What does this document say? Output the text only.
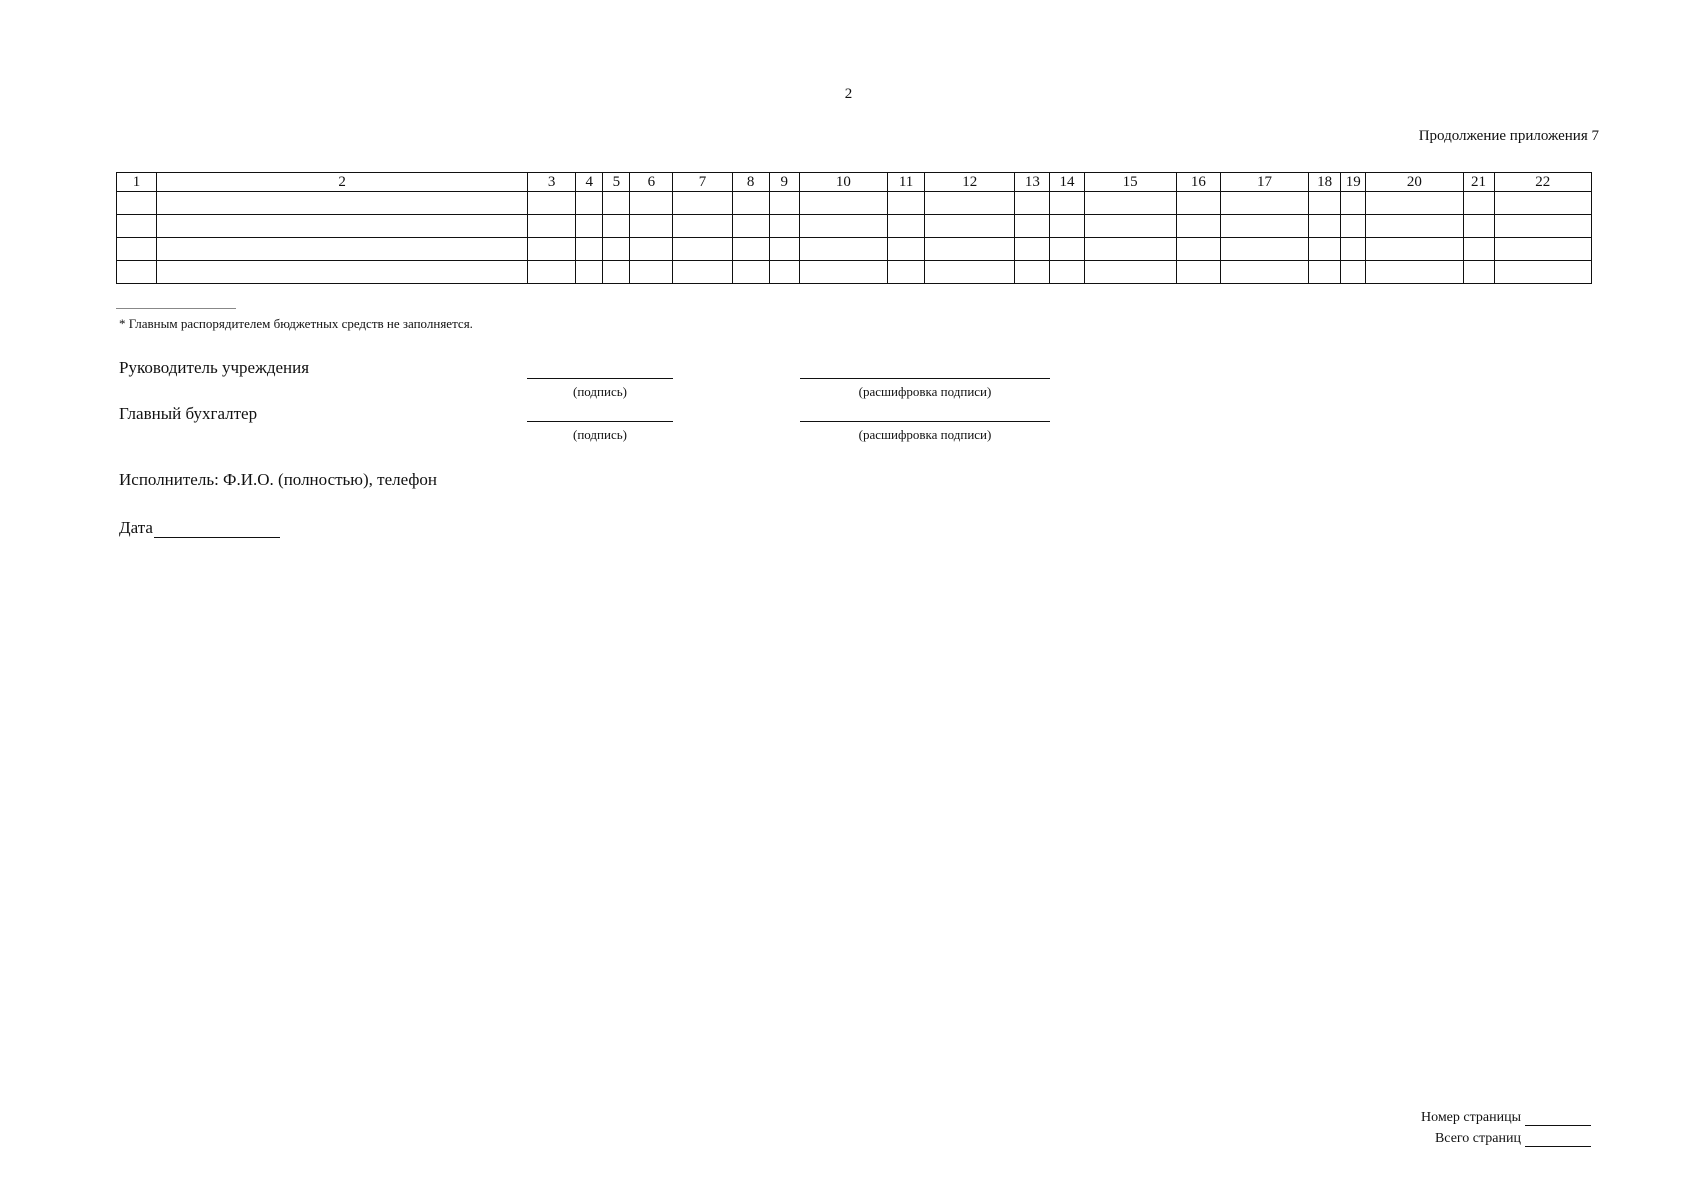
2
Продолжение приложения 7
1	2	3	4	5	6	7	8	9	10	11	12	13	14	15	16	17	18	19	20	21	22

* Главным распорядителем бюджетных средств не заполняется.
Руководитель учреждения
(подпись)	(расшифровка подписи)
Главный бухгалтер
(подпись)	(расшифровка подписи)
Исполнитель: Ф.И.О. (полностью), телефон
Дата
Номер страницы
Всего страниц
